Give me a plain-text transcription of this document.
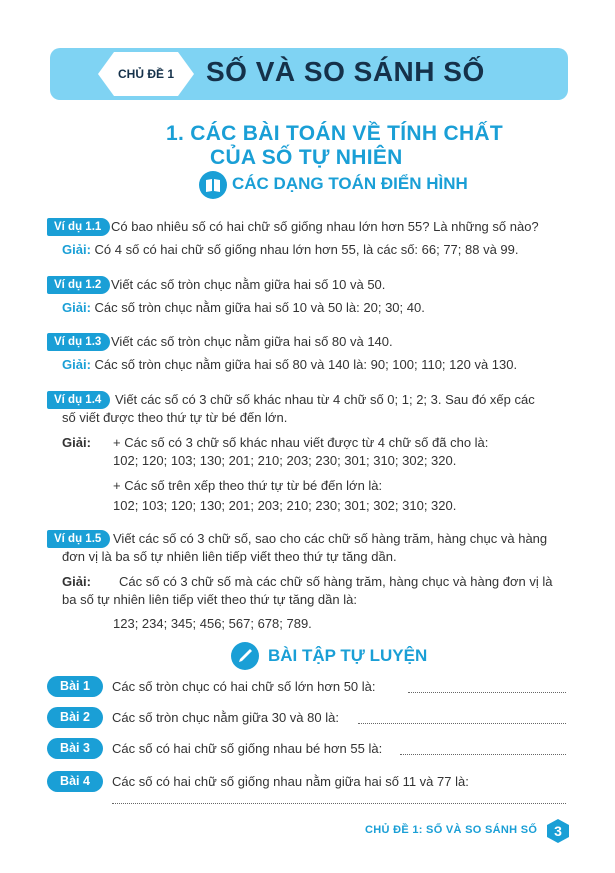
CHỦ ĐỀ 1	SỐ VÀ SO SÁNH SỐ
1. CÁC BÀI TOÁN VỀ TÍNH CHẤT
CỦA SỐ TỰ NHIÊN
CÁC DẠNG TOÁN ĐIỂN HÌNH
Ví dụ 1.1 Có bao nhiêu số có hai chữ số giống nhau lớn hơn 55? Là những số nào?
Giải: Có 4 số có hai chữ số giống nhau lớn hơn 55, là các số: 66; 77; 88 và 99.
Ví dụ 1.2 Viết các số tròn chục nằm giữa hai số 10 và 50.
Giải: Các số tròn chục nằm giữa hai số 10 và 50 là: 20; 30; 40.
Ví dụ 1.3 Viết các số tròn chục nằm giữa hai số 80 và 140.
Giải: Các số tròn chục nằm giữa hai số 80 và 140 là: 90; 100; 110; 120 và 130.
Ví dụ 1.4	Viết các số có 3 chữ số khác nhau từ 4 chữ số 0; 1; 2; 3. Sau đó xếp các
số viết được theo thứ tự từ bé đến lớn.
Giải: + Các số có 3 chữ số khác nhau viết được từ 4 chữ số đã cho là:
102; 120; 103; 130; 201; 210; 203; 230; 301; 310; 302; 320.
+ Các số trên xếp theo thứ tự từ bé đến lớn là:
102; 103; 120; 130; 201; 203; 210; 230; 301; 302; 310; 320.
Ví dụ 1.5 Viết các số có 3 chữ số, sao cho các chữ số hàng trăm, hàng chục và hàng
đơn vị là ba số tự nhiên liên tiếp viết theo thứ tự tăng dần.
Giải: Các số có 3 chữ số mà các chữ số hàng trăm, hàng chục và hàng đơn vị là
ba số tự nhiên liên tiếp viết theo thứ tự tăng dần là:
123; 234; 345; 456; 567; 678; 789.
BÀI TẬP TỰ LUYỆN
Bài 1	Các số tròn chục có hai chữ số lớn hơn 50 là:
Bài 2	Các số tròn chục nằm giữa 30 và 80 là:
Bài 3	Các số có hai chữ số giống nhau bé hơn 55 là:
Bài 4	Các số có hai chữ số giống nhau nằm giữa hai số 11 và 77 là:
CHỦ ĐỀ 1: SỐ VÀ SO SÁNH SỐ	3
